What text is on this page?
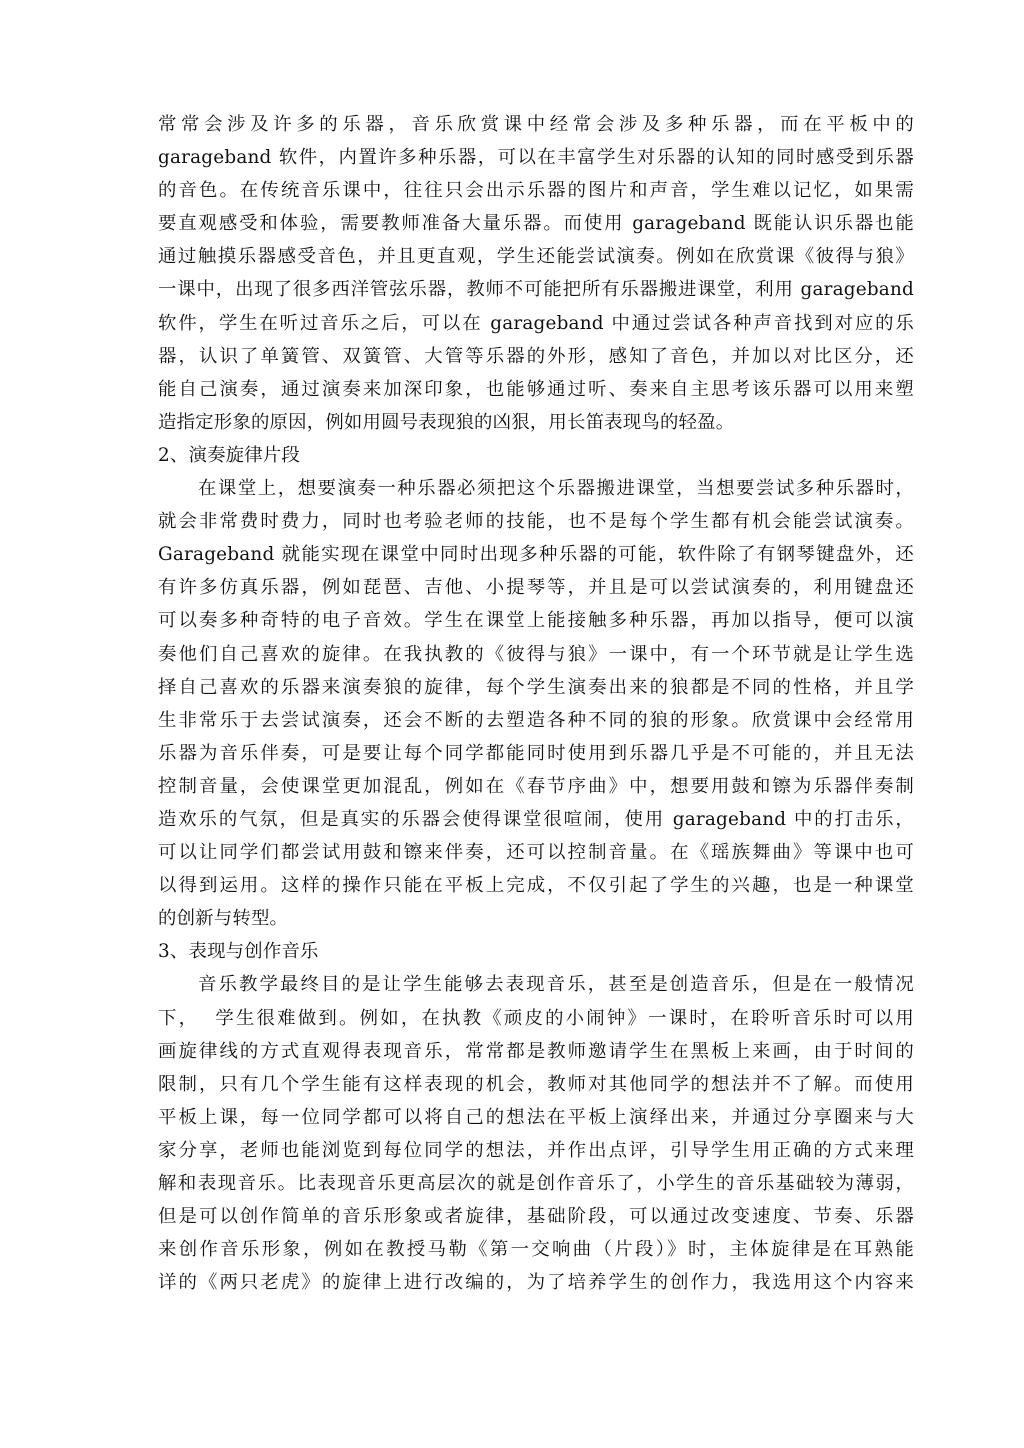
常常会涉及许多的乐器，音乐欣赏课中经常会涉及多种乐器，而在平板中的
garageband 软件，内置许多种乐器，可以在丰富学生对乐器的认知的同时感受到乐器
的音色。在传统音乐课中，往往只会出示乐器的图片和声音，学生难以记忆，如果需
要直观感受和体验，需要教师准备大量乐器。而使用 garageband 既能认识乐器也能
通过触摸乐器感受音色，并且更直观，学生还能尝试演奏。例如在欣赏课《彼得与狼》
一课中，出现了很多西洋管弦乐器，教师不可能把所有乐器搬进课堂，利用 garageband
软件，学生在听过音乐之后，可以在 garageband 中通过尝试各种声音找到对应的乐
器，认识了单簧管、双簧管、大管等乐器的外形，感知了音色，并加以对比区分，还
能自己演奏，通过演奏来加深印象，也能够通过听、奏来自主思考该乐器可以用来塑
造指定形象的原因，例如用圆号表现狼的凶狠，用长笛表现鸟的轻盈。
2、演奏旋律片段
在课堂上，想要演奏一种乐器必须把这个乐器搬进课堂，当想要尝试多种乐器时，
就会非常费时费力，同时也考验老师的技能，也不是每个学生都有机会能尝试演奏。
Garageband 就能实现在课堂中同时出现多种乐器的可能，软件除了有钢琴键盘外，还
有许多仿真乐器，例如琵琶、吉他、小提琴等，并且是可以尝试演奏的，利用键盘还
可以奏多种奇特的电子音效。学生在课堂上能接触多种乐器，再加以指导，便可以演
奏他们自己喜欢的旋律。在我执教的《彼得与狼》一课中，有一个环节就是让学生选
择自己喜欢的乐器来演奏狼的旋律，每个学生演奏出来的狼都是不同的性格，并且学
生非常乐于去尝试演奏，还会不断的去塑造各种不同的狼的形象。欣赏课中会经常用
乐器为音乐伴奏，可是要让每个同学都能同时使用到乐器几乎是不可能的，并且无法
控制音量，会使课堂更加混乱，例如在《春节序曲》中，想要用鼓和镲为乐器伴奏制
造欢乐的气氛，但是真实的乐器会使得课堂很喧闹，使用 garageband 中的打击乐，
可以让同学们都尝试用鼓和镲来伴奏，还可以控制音量。在《瑶族舞曲》等课中也可
以得到运用。这样的操作只能在平板上完成，不仅引起了学生的兴趣，也是一种课堂
的创新与转型。
3、表现与创作音乐
音乐教学最终目的是让学生能够去表现音乐，甚至是创造音乐，但是在一般情况
下，  学生很难做到。例如，在执教《顽皮的小闹钟》一课时，在聆听音乐时可以用
画旋律线的方式直观得表现音乐，常常都是教师邀请学生在黑板上来画，由于时间的
限制，只有几个学生能有这样表现的机会，教师对其他同学的想法并不了解。而使用
平板上课，每一位同学都可以将自己的想法在平板上演绎出来，并通过分享圈来与大
家分享，老师也能浏览到每位同学的想法，并作出点评，引导学生用正确的方式来理
解和表现音乐。比表现音乐更高层次的就是创作音乐了，小学生的音乐基础较为薄弱，
但是可以创作简单的音乐形象或者旋律，基础阶段，可以通过改变速度、节奏、乐器
来创作音乐形象，例如在教授马勒《第一交响曲（片段）》时，主体旋律是在耳熟能
详的《两只老虎》的旋律上进行改编的，为了培养学生的创作力，我选用这个内容来
